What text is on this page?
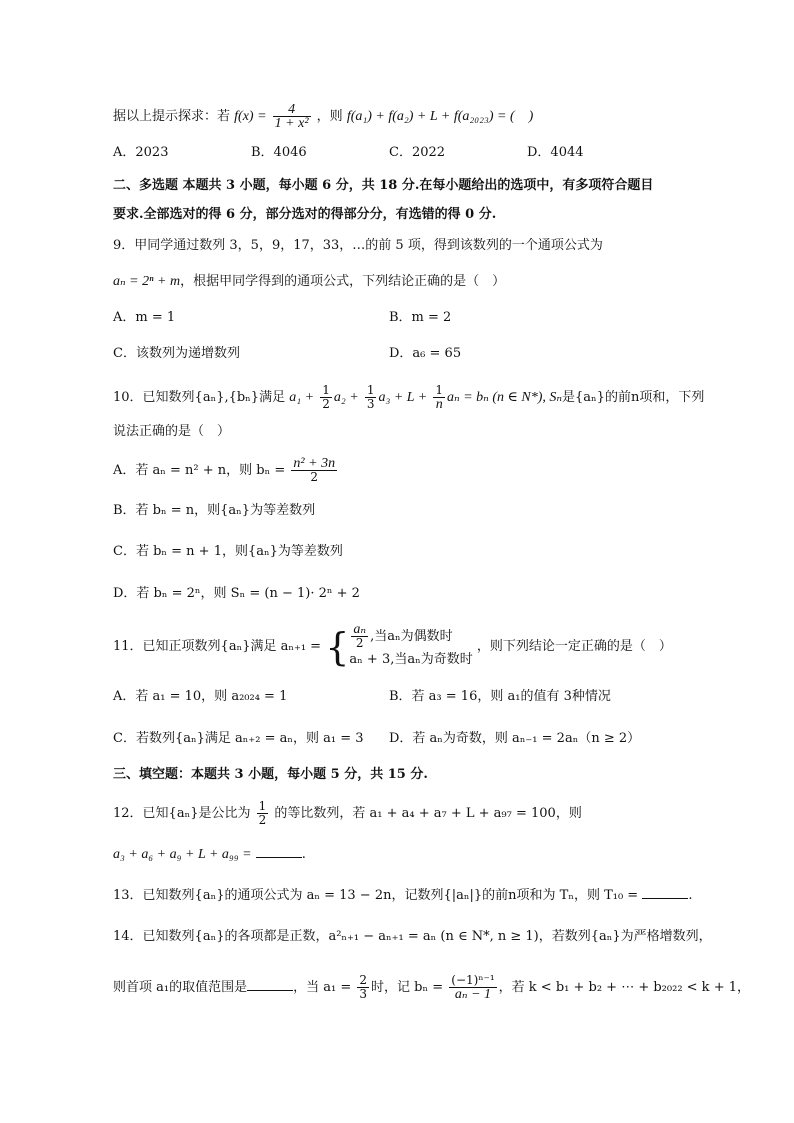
据以上提示探求：若 $f(x) = \frac{4}{\text{1 + x²}}$ ，则 f(a₁) + f(a₂) + L + f(a₂₀₂₃) = (　)
A．2023	B．4046	C．2022	D．4044
二、多选题 本题共 3 小题，每小题 6 分，共 18 分.在每小题给出的选项中，有多项符合题目
要求.全部选对的得 6 分，部分选对的得部分分，有选错的得 0 分.
9．甲同学通过数列 3，5，9，17，33，…的前 5 项，得到该数列的一个通项公式为
aₙ = 2ⁿ + m，根据甲同学得到的通项公式，下列结论正确的是（　）
A．m = 1	B．m = 2
C．该数列为递增数列	D．a₆ = 65
10．已知数列{aₙ},{bₙ}满足 $a_1 + \frac{1}{2} a_2 + \frac{1}{3} a_3 + L + \frac{1}{n}$ aₙ = bₙ (n ∈ N*), Sₙ是{aₙ}的前n项和，下列
说法正确的是（　）
A．若 aₙ = n² + n，则 $b_n = \frac{\text{n² + 3n}}{2}$
B．若 bₙ = n，则{aₙ}为等差数列
C．若 bₙ = n + 1，则{aₙ}为等差数列
D．若 bₙ = 2ⁿ，则 Sₙ = (n − 1)· 2ⁿ + 2
11．已知正项数列{aₙ}满足 aₙ₊₁ = { $\frac{\text{aₙ}}{2}$ ,当aₙ为偶数时
aₙ + 3,当aₙ为奇数时
，则下列结论一定正确的是（　）
A．若 a₁ = 10，则 a₂₀₂₄ = 1	B．若 a₃ = 16，则 a₁的值有 3种情况
C．若数列{aₙ}满足 aₙ₊₂ = aₙ，则 a₁ = 3 D．若 aₙ为奇数，则 aₙ₋₁ = 2aₙ（n ≥ 2）
三、填空题：本题共 3 小题，每小题 5 分，共 15 分.
12．已知{aₙ}是公比为 $\frac{1}{2}$ 的等比数列，若 a₁ + a₄ + a₇ + L + a₉₇ = 100，则
a₃ + a₆ + a₉ + L + a₉₉ =	.
13．已知数列{aₙ}的通项公式为 aₙ = 13 − 2n，记数列{|aₙ|}的前n项和为 Tₙ，则 T₁₀ =	.
14．已知数列{aₙ}的各项都是正数，a²ₙ₊₁ − aₙ₊₁ = aₙ (n ∈ N*, n ≥ 1)，若数列{aₙ}为严格增数列，
则首项 a₁的取值范围是	，当 $a_1 = \frac{2}{3}$ 时，记 $b_n = \frac{\text{(−1)ⁿ⁻¹}}{\text{aₙ − 1}}$ ，若 k < b₁ + b₂ + ⋯ + b₂₀₂₂ < k + 1，
